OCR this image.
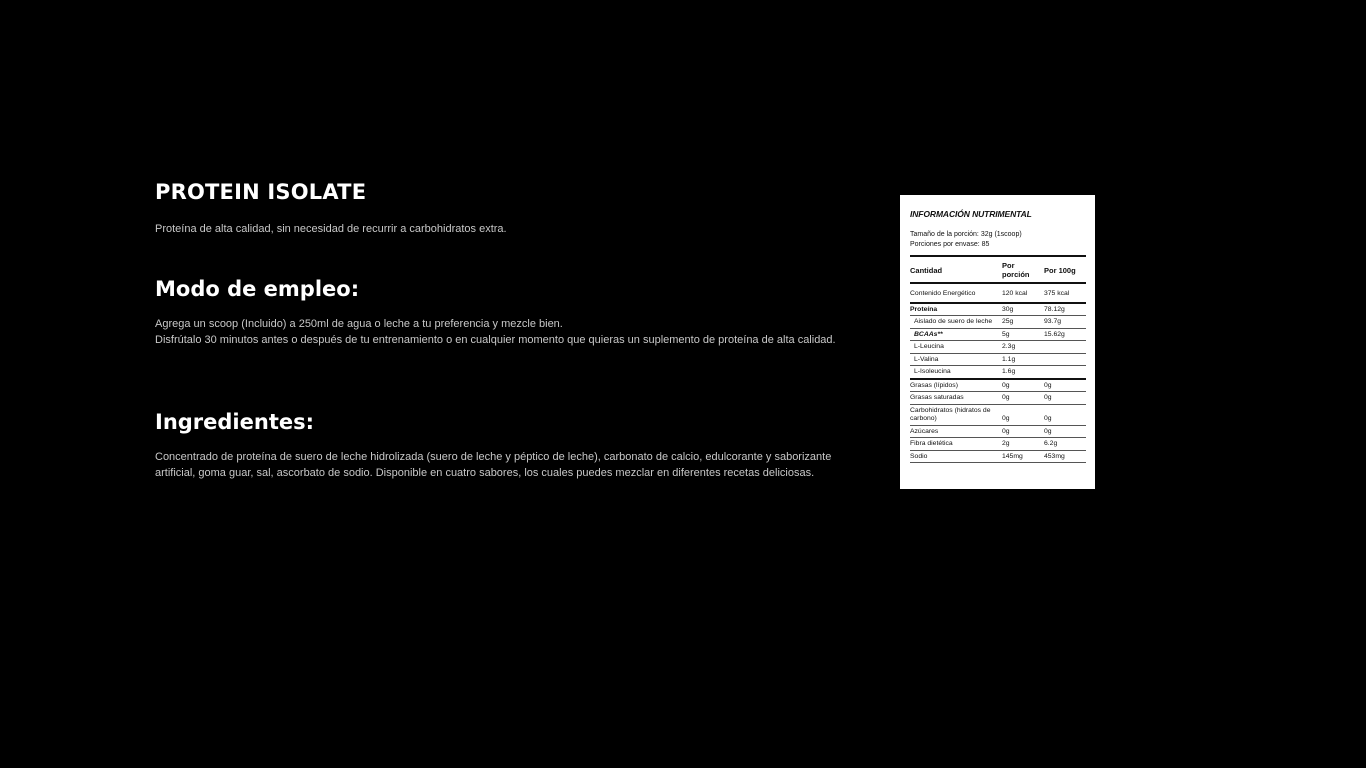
PROTEIN ISOLATE

Proteína de alta calidad, sin necesidad de recurrir a carbohidratos extra.

Modo de empleo:

Agrega un scoop (Incluido) a 250ml de agua o leche a tu preferencia y mezcle bien.
Disfrútalo 30 minutos antes o después de tu entrenamiento o en cualquier momento que quieras un suplemento de proteína de alta calidad.

Ingredientes:

Concentrado de proteína de suero de leche hidrolizada (suero de leche y péptico de leche), carbonato de calcio, edulcorante y saborizante artificial, goma guar, sal, ascorbato de sodio. Disponible en cuatro sabores, los cuales puedes mezclar en diferentes recetas deliciosas.

INFORMACIÓN NUTRIMENTAL
Tamaño de la porción: 32g (1scoop)
Porciones por envase: 85
Cantidad	Por porción	Por 100g
Contenido Energético	120 kcal	375 kcal
Proteína	30g	78.12g
Aislado de suero de leche	25g	93.7g
BCAAs**	5g	15.62g
L-Leucina	2.3g	
L-Valina	1.1g	
L-Isoleucina	1.6g	
Grasas (lípidos)	0g	0g
Grasas saturadas	0g	0g
Carbohidratos (hidratos de carbono)	0g	0g
Azúcares	0g	0g
Fibra dietética	2g	6.2g
Sodio	145mg	453mg
